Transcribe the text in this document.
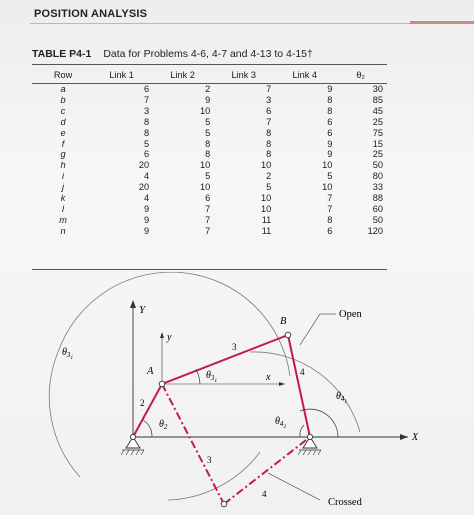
POSITION ANALYSIS
TABLE P4-1 Data for Problems 4-6, 4-7 and 4-13 to 4-15†
Row	Link 1	Link 2	Link 3	Link 4	θ₂
a	6	2	7	9	30
b	7	9	3	8	85
c	3	10	6	8	45
d	8	5	7	6	25
e	8	5	8	6	75
f	5	8	8	9	15
g	6	8	8	9	25
h	20	10	10	10	50
i	4	5	2	5	80
j	20	10	5	10	33
k	4	6	10	7	88
l	9	7	10	7	60
m	9	7	11	8	50
n	9	7	11	6	120
Y
y
x
X
A
B
2
3
4
3
4
$\theta_{31}$
$\theta_{31}$
$\theta_2$
$\theta_{41}$
$\theta_{42}$
Open
Crossed
